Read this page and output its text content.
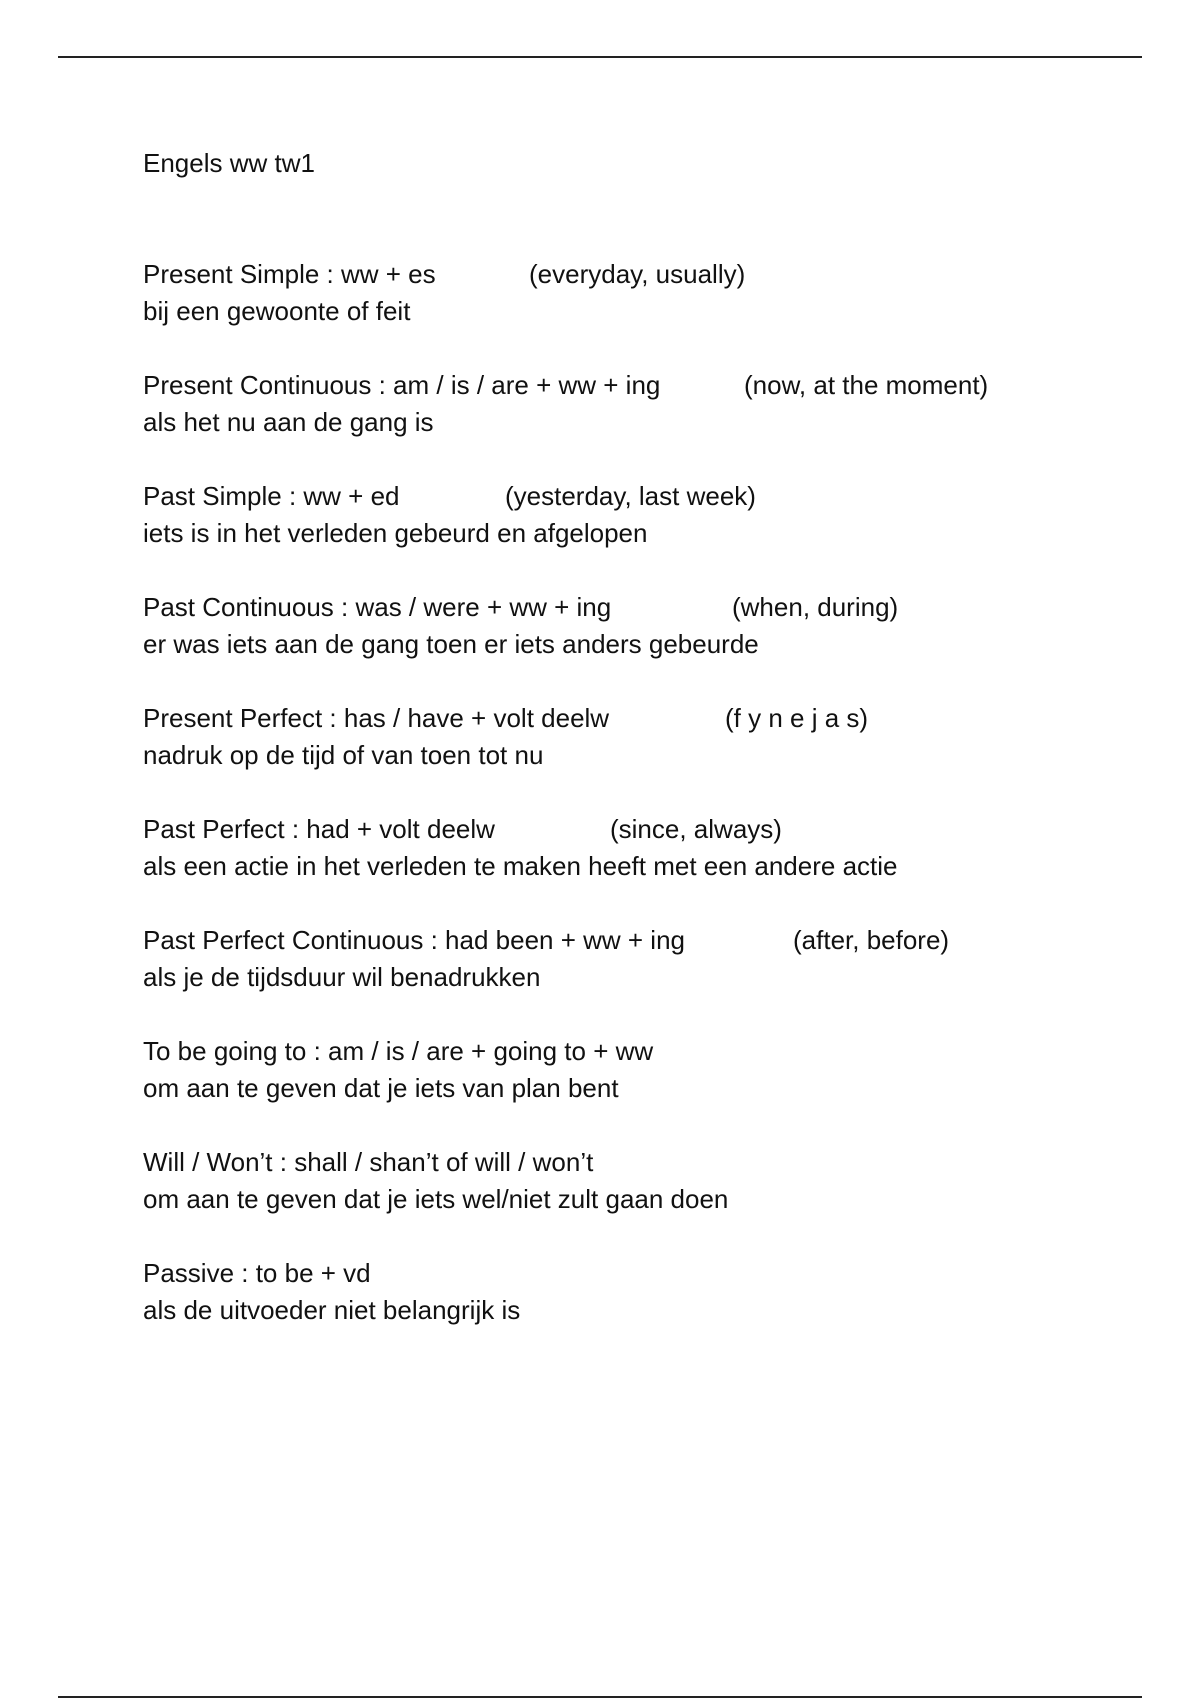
Engels ww tw1
Present Simple : ww + es	(everyday, usually)
bij een gewoonte of feit
Present Continuous : am / is / are + ww + ing	(now, at the moment)
als het nu aan de gang is
Past Simple : ww + ed	(yesterday, last week)
iets is in het verleden gebeurd en afgelopen
Past Continuous : was / were + ww + ing	(when, during)
er was iets aan de gang toen er iets anders gebeurde
Present Perfect : has / have + volt deelw	(f y n e j a s)
nadruk op de tijd of van toen tot nu
Past Perfect : had + volt deelw	(since, always)
als een actie in het verleden te maken heeft met een andere actie
Past Perfect Continuous : had been + ww + ing	(after, before)
als je de tijdsduur wil benadrukken
To be going to : am / is / are + going to + ww
om aan te geven dat je iets van plan bent
Will / Won’t : shall / shan’t of will / won’t
om aan te geven dat je iets wel/niet zult gaan doen
Passive : to be + vd
als de uitvoeder niet belangrijk is
